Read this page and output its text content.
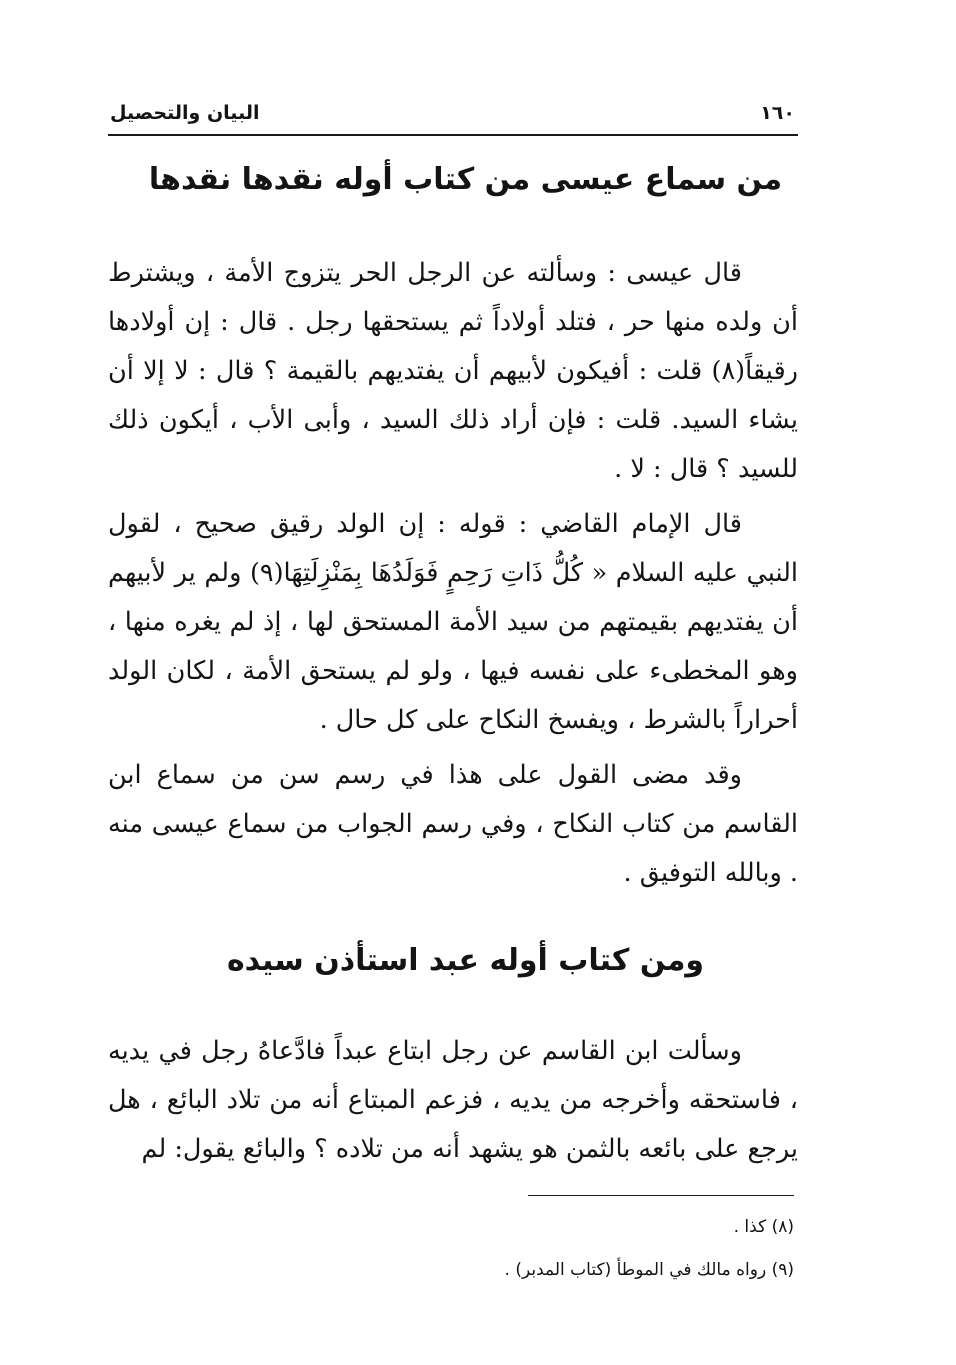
البيان والتحصيل	١٦٠
من سماع عيسى من كتاب أوله نقدها نقدها

قال عيسى : وسألته عن الرجل الحر يتزوج الأمة ، ويشترط أن ولده منها حر ، فتلد أولاداً ثم يستحقها رجل . قال : إن أولادها رقيقاً(٨) قلت : أفيكون لأبيهم أن يفتديهم بالقيمة ؟ قال : لا إلا أن يشاء السيد. قلت : فإن أراد ذلك السيد ، وأبى الأب ، أيكون ذلك للسيد ؟ قال : لا .

قال الإمام القاضي : قوله : إن الولد رقيق صحيح ، لقول النبي عليه السلام « كُلُّ ذَاتِ رَحِمٍ فَوَلَدُهَا بِمَنْزِلَتِهَا(٩) ولم ير لأبيهم أن يفتديهم بقيمتهم من سيد الأمة المستحق لها ، إذ لم يغره منها ، وهو المخطىء على نفسه فيها ، ولو لم يستحق الأمة ، لكان الولد أحراراً بالشرط ، ويفسخ النكاح على كل حال .

وقد مضى القول على هذا في رسم سن من سماع ابن القاسم من كتاب النكاح ، وفي رسم الجواب من سماع عيسى منه . وبالله التوفيق .

ومن كتاب أوله عبد استأذن سيده

وسألت ابن القاسم عن رجل ابتاع عبداً فادَّعاهُ رجل في يديه ، فاستحقه وأخرجه من يديه ، فزعم المبتاع أنه من تلاد البائع ، هل يرجع على بائعه بالثمن هو يشهد أنه من تلاده ؟ والبائع يقول: لم

(٨) كذا .
(٩) رواه مالك في الموطأ (كتاب المدبر) .
